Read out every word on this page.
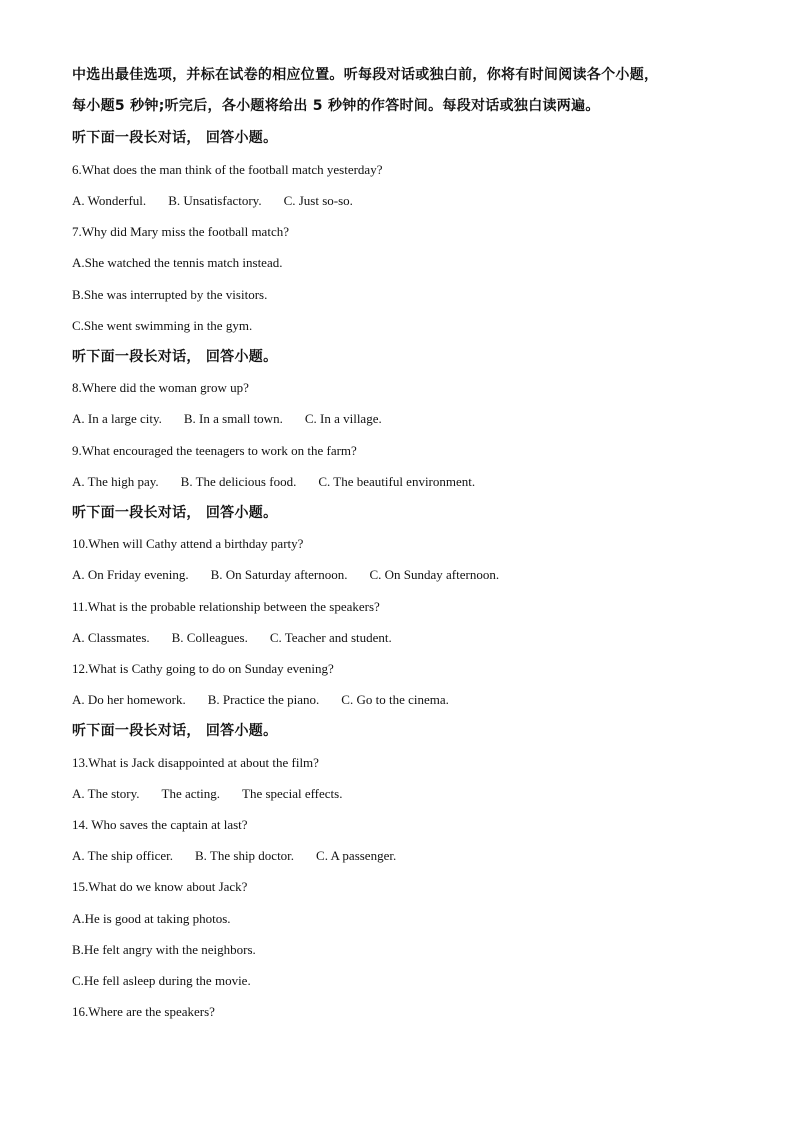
中选出最佳选项，并标在试卷的相应位置。听每段对话或独白前，你将有时间阅读各个小题，
每小题5 秒钟;听完后，各小题将给出 5 秒钟的作答时间。每段对话或独白读两遍。
听下面一段长对话， 回答小题。
6.What does the man think of the football match yesterday?
A. Wonderful. B. Unsatisfactory. C. Just so-so.
7.Why did Mary miss the football match?
A.She watched the tennis match instead.
B.She was interrupted by the visitors.
C.She went swimming in the gym.
听下面一段长对话， 回答小题。
8.Where did the woman grow up?
A. In a large city. B. In a small town. C. In a village.
9.What encouraged the teenagers to work on the farm?
A. The high pay. B. The delicious food. C. The beautiful environment.
听下面一段长对话， 回答小题。
10.When will Cathy attend a birthday party?
A. On Friday evening. B. On Saturday afternoon. C. On Sunday afternoon.
11.What is the probable relationship between the speakers?
A. Classmates. B. Colleagues. C. Teacher and student.
12.What is Cathy going to do on Sunday evening?
A. Do her homework. B. Practice the piano. C. Go to the cinema.
听下面一段长对话， 回答小题。
13.What is Jack disappointed at about the film?
A. The story. The acting. The special effects.
14. Who saves the captain at last?
A. The ship officer. B. The ship doctor. C. A passenger.
15.What do we know about Jack?
A.He is good at taking photos.
B.He felt angry with the neighbors.
C.He fell asleep during the movie.
16.Where are the speakers?
